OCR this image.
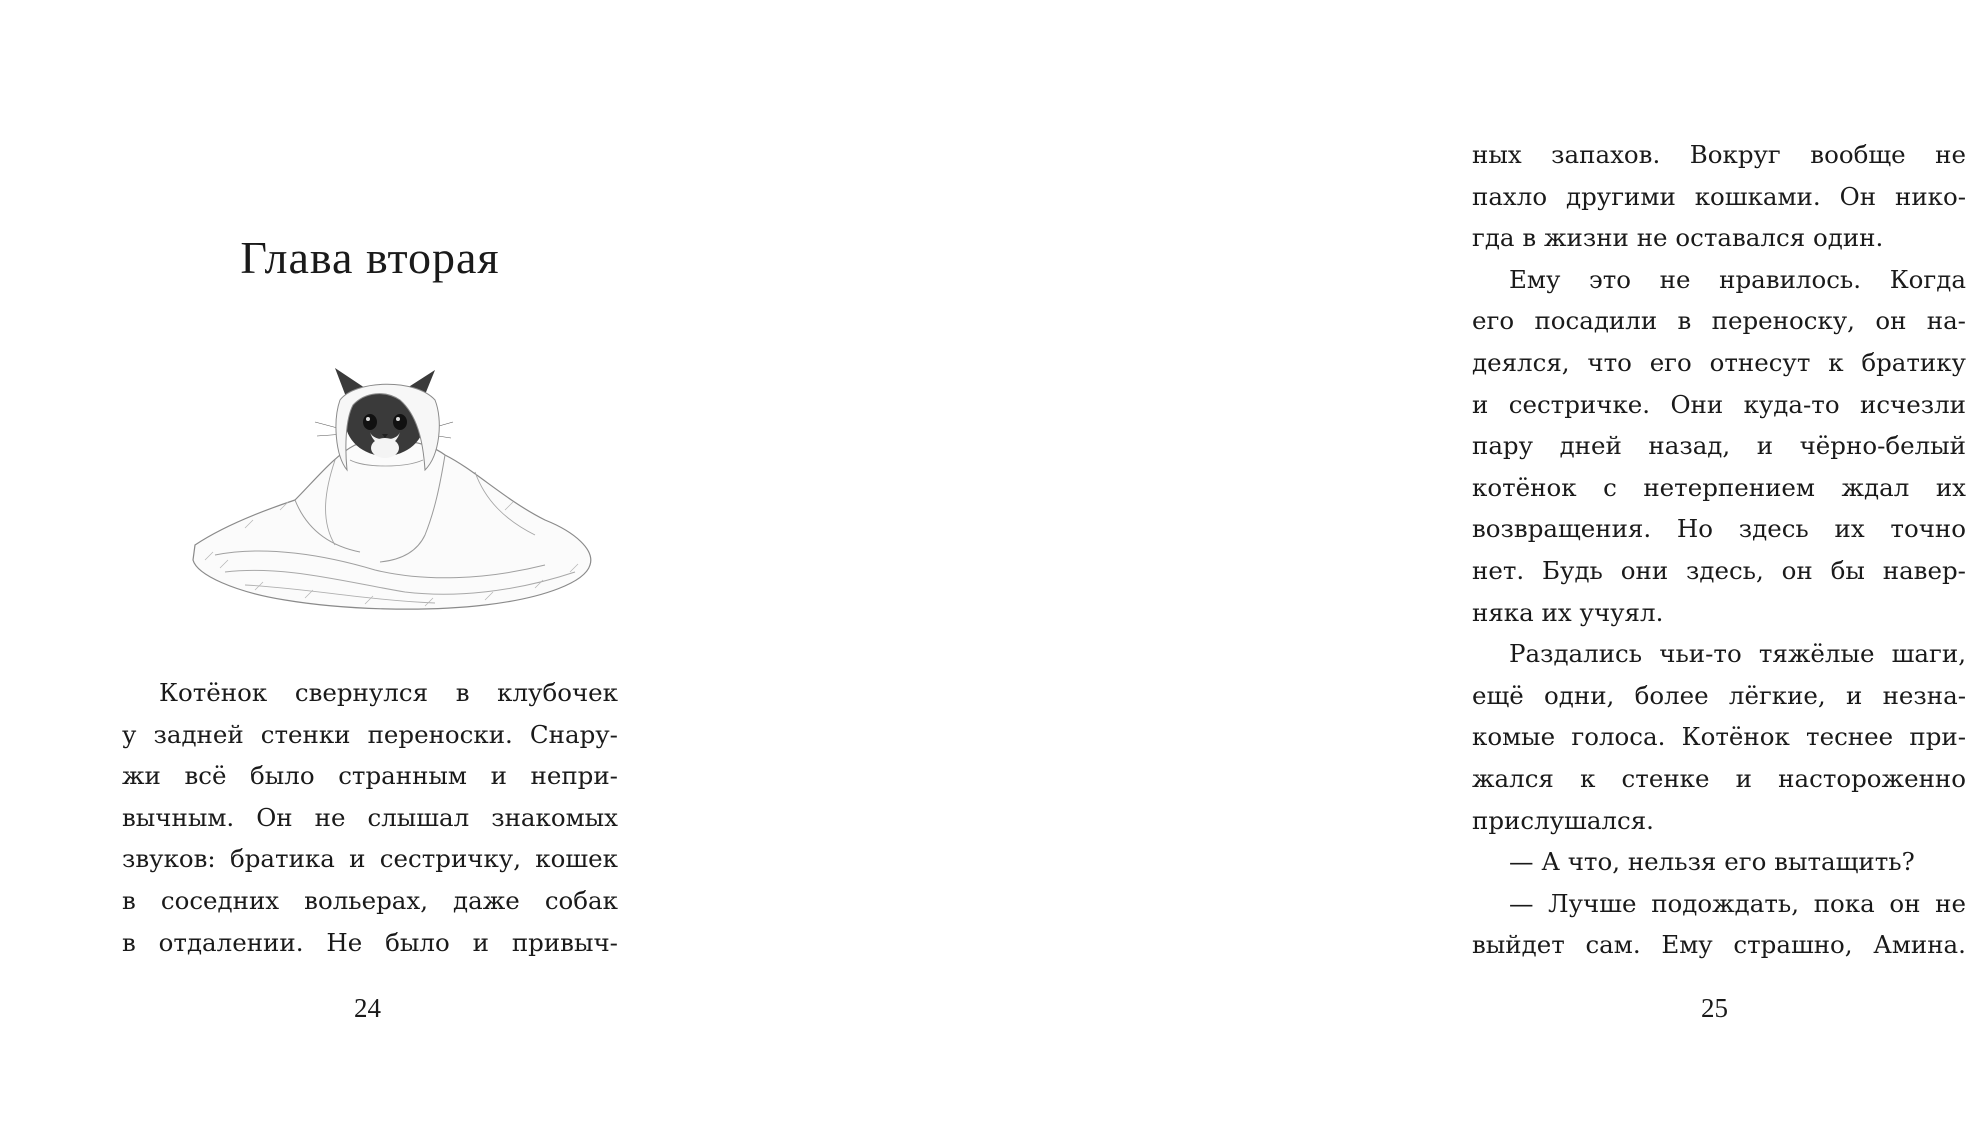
Глава вторая
Котёнок свернулся в клубочек
у задней стенки переноски. Снару-
жи всё было странным и непри-
вычным. Он не слышал знакомых
звуков: братика и сестричку, кошек
в соседних вольерах, даже собак
в отдалении. Не было и привыч-

24

ных запахов. Вокруг вообще не
пахло другими кошками. Он нико-
гда в жизни не оставался один.
Ему это не нравилось. Когда
его посадили в переноску, он на-
деялся, что его отнесут к братику
и сестричке. Они куда-то исчезли
пару дней назад, и чёрно-белый
котёнок с нетерпением ждал их
возвращения. Но здесь их точно
нет. Будь они здесь, он бы навер-
няка их учуял.
Раздались чьи-то тяжёлые шаги,
ещё одни, более лёгкие, и незна-
комые голоса. Котёнок теснее при-
жался к стенке и настороженно
прислушался.
— А что, нельзя его вытащить?
— Лучше подождать, пока он не
выйдет сам. Ему страшно, Амина.

25
